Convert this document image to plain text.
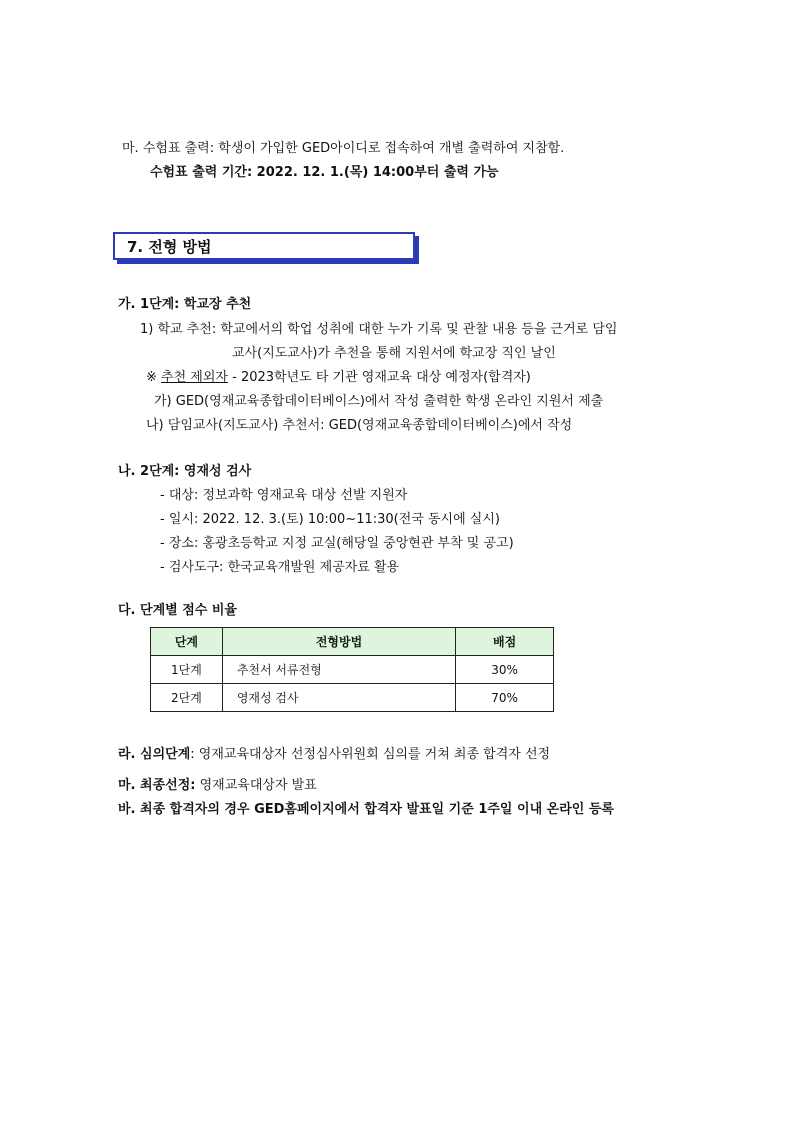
마. 수험표 출력: 학생이 가입한 GED아이디로 접속하여 개별 출력하여 지참함.
수험표 출력 기간: 2022. 12. 1.(목) 14:00부터 출력 가능
7. 전형 방법
가. 1단계: 학교장 추천
1) 학교 추천: 학교에서의 학업 성취에 대한 누가 기록 및 관찰 내용 등을 근거로 담임
교사(지도교사)가 추천을 통해 지원서에 학교장 직인 날인
※ 추천 제외자 - 2023학년도 타 기관 영재교육 대상 예정자(합격자)
가) GED(영재교육종합데이터베이스)에서 작성 출력한 학생 온라인 지원서 제출
나) 담임교사(지도교사) 추천서: GED(영재교육종합데이터베이스)에서 작성
나. 2단계: 영재성 검사
- 대상: 정보과학 영재교육 대상 선발 지원자
- 일시: 2022. 12. 3.(토) 10:00~11:30(전국 동시에 실시)
- 장소: 홍광초등학교 지정 교실(해당일 중앙현관 부착 및 공고)
- 검사도구: 한국교육개발원 제공자료 활용
다. 단계별 점수 비율
단계	전형방법	배점
1단계	추천서 서류전형	30%
2단계	영재성 검사	70%
라. 심의단계: 영재교육대상자 선정심사위원회 심의를 거쳐 최종 합격자 선정
마. 최종선정: 영재교육대상자 발표
바. 최종 합격자의 경우 GED홈페이지에서 합격자 발표일 기준 1주일 이내 온라인 등록
